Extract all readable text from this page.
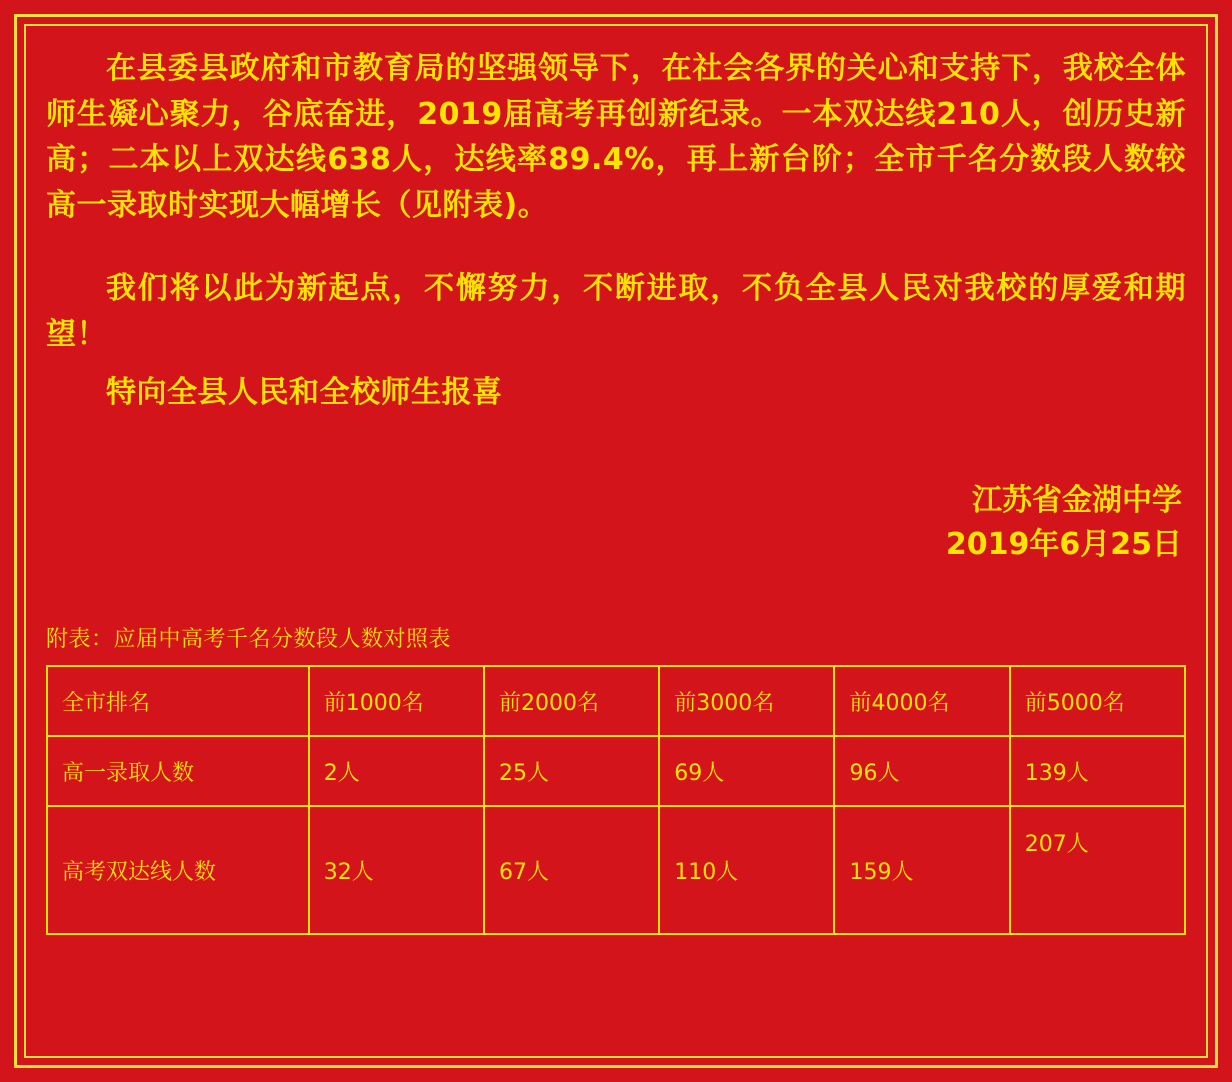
在县委县政府和市教育局的坚强领导下，在社会各界的关心和支持下，我校全体师生凝心聚力，谷底奋进，2019届高考再创新纪录。一本双达线210人，创历史新高；二本以上双达线638人，达线率89.4%，再上新台阶；全市千名分数段人数较高一录取时实现大幅增长（见附表)。

我们将以此为新起点，不懈努力，不断进取，不负全县人民对我校的厚爱和期望！

特向全县人民和全校师生报喜

江苏省金湖中学
2019年6月25日
附表：应届中高考千名分数段人数对照表
全市排名	前1000名	前2000名	前3000名	前4000名	前5000名
高一录取人数	2人	25人	69人	96人	139人
高考双达线人数	32人	67人	110人	159人	207人
